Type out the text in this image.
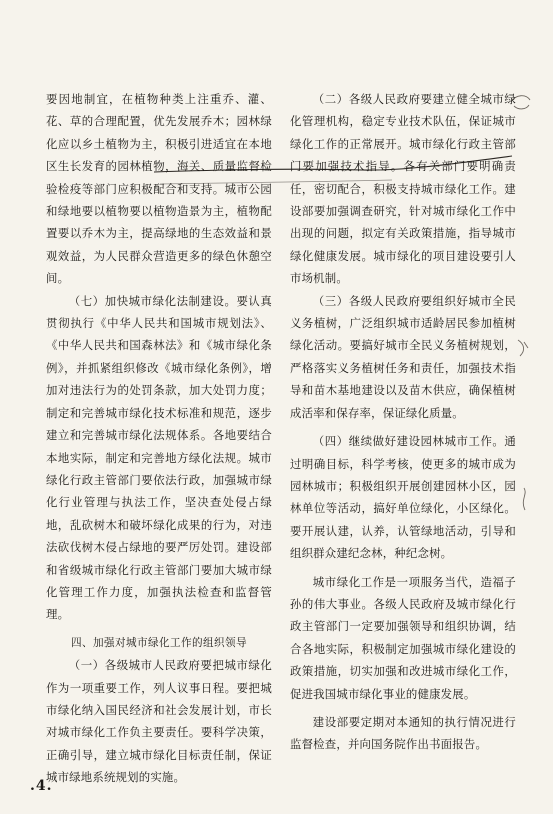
要因地制宜，在植物种类上注重乔、灌、花、草的合理配置，优先发展乔木；园林绿化应以乡土植物为主，积极引进适宜在本地区生长发育的园林植物，海关、质量监督检验检疫等部门应积极配合和支持。城市公园和绿地要以植物要以植物造景为主，植物配置要以乔木为主，提高绿地的生态效益和景观效益，为人民群众营造更多的绿色休憩空间。

（七）加快城市绿化法制建设。要认真贯彻执行《中华人民共和国城市规划法》、《中华人民共和国森林法》和《城市绿化条例》，并抓紧组织修改《城市绿化条例》，增加对违法行为的处罚条款，加大处罚力度；制定和完善城市绿化技术标准和规范，逐步建立和完善城市绿化法规体系。各地要结合本地实际，制定和完善地方绿化法规。城市绿化行政主管部门要依法行政，加强城市绿化行业管理与执法工作，坚决查处侵占绿地，乱砍树木和破坏绿化成果的行为，对违法砍伐树木侵占绿地的要严厉处罚。建设部和省级城市绿化行政主管部门要加大城市绿化管理工作力度，加强执法检查和监督管理。

四、加强对城市绿化工作的组织领导

（一）各级城市人民政府要把城市绿化作为一项重要工作，列人议事日程。要把城市绿化纳入国民经济和社会发展计划，市长对城市绿化工作负主要责任。要科学决策，正确引导，建立城市绿化目标责任制，保证城市绿地系统规划的实施。

（二）各级人民政府要建立健全城市绿化管理机构，稳定专业技术队伍，保证城市绿化工作的正常展开。城市绿化行政主管部门要加强技术指导。各有关部门要明确责任，密切配合，积极支持城市绿化工作。建设部要加强调查研究，针对城市绿化工作中出现的问题，拟定有关政策措施，指导城市绿化健康发展。城市绿化的项目建设要引人市场机制。

（三）各级人民政府要组织好城市全民义务植树，广泛组织城市适龄居民参加植树绿化活动。要搞好城市全民义务植树规划，严格落实义务植树任务和责任，加强技术指导和苗木基地建设以及苗木供应，确保植树成活率和保存率，保证绿化质量。

（四）继续做好建设园林城市工作。通过明确目标，科学考核，使更多的城市成为园林城市；积极组织开展创建园林小区，园林单位等活动，搞好单位绿化，小区绿化。要开展认建，认养，认管绿地活动，引导和组织群众建纪念林，种纪念树。

城市绿化工作是一项服务当代，造福子孙的伟大事业。各级人民政府及城市绿化行政主管部门一定要加强领导和组织协调，结合各地实际，积极制定加强城市绿化建设的政策措施，切实加强和改进城市绿化工作，促进我国城市绿化事业的健康发展。

建设部要定期对本通知的执行情况进行监督检查，并向国务院作出书面报告。

.4.
